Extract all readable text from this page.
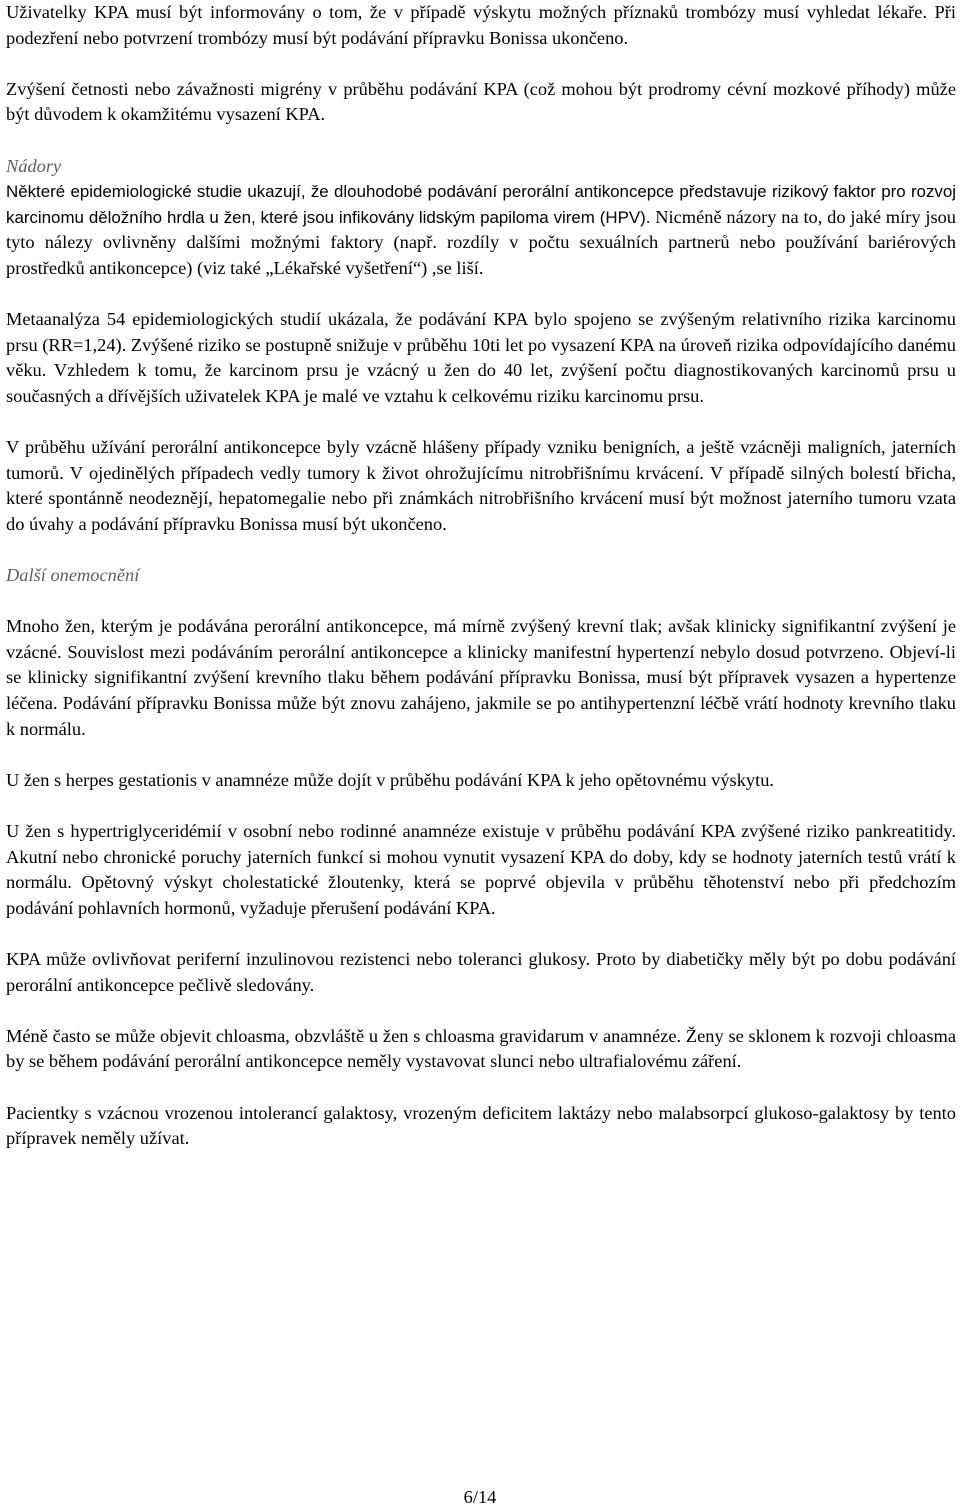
Uživatelky KPA musí být informovány o tom, že v případě výskytu možných příznaků trombózy musí vyhledat lékaře. Při podezření nebo potvrzení trombózy musí být podávání přípravku Bonissa ukončeno.

Zvýšení četnosti nebo závažnosti migrény v průběhu podávání KPA (což mohou být prodromy cévní mozkové příhody) může být důvodem k okamžitému vysazení KPA.

Nádory

Některé epidemiologické studie ukazují, že dlouhodobé podávání perorální antikoncepce představuje rizikový faktor pro rozvoj karcinomu děložního hrdla u žen, které jsou infikovány lidským papiloma virem (HPV). Nicméně názory na to, do jaké míry jsou tyto nálezy ovlivněny dalšími možnými faktory (např. rozdíly v počtu sexuálních partnerů nebo používání bariérových prostředků antikoncepce) (viz také „Lékařské vyšetření“) ,se liší.

Metaanalýza 54 epidemiologických studií ukázala, že podávání KPA bylo spojeno se zvýšeným relativního rizika karcinomu prsu (RR=1,24). Zvýšené riziko se postupně snižuje v průběhu 10ti let po vysazení KPA na úroveň rizika odpovídajícího danému věku. Vzhledem k tomu, že karcinom prsu je vzácný u žen do 40 let, zvýšení počtu diagnostikovaných karcinomů prsu u současných a dřívějších uživatelek KPA je malé ve vztahu k celkovému riziku karcinomu prsu.

V průběhu užívání perorální antikoncepce byly vzácně hlášeny případy vzniku benigních, a ještě vzácněji maligních, jaterních tumorů. V ojedinělých případech vedly tumory k život ohrožujícímu nitrobřišnímu krvácení. V případě silných bolestí břicha, které spontánně neodeznějí, hepatomegalie nebo při známkách nitrobřišního krvácení musí být možnost jaterního tumoru vzata do úvahy a podávání přípravku Bonissa musí být ukončeno.

Další onemocnění

Mnoho žen, kterým je podávána perorální antikoncepce, má mírně zvýšený krevní tlak; avšak klinicky signifikantní zvýšení je vzácné. Souvislost mezi podáváním perorální antikoncepce a klinicky manifestní hypertenzí nebylo dosud potvrzeno. Objeví-li se klinicky signifikantní zvýšení krevního tlaku během podávání přípravku Bonissa, musí být přípravek vysazen a hypertenze léčena. Podávání přípravku Bonissa může být znovu zahájeno, jakmile se po antihypertenzní léčbě vrátí hodnoty krevního tlaku k normálu.

U žen s herpes gestationis v anamnéze může dojít v průběhu podávání KPA k jeho opětovnému výskytu.

U žen s hypertriglyceridémií v osobní nebo rodinné anamnéze existuje v průběhu podávání KPA zvýšené riziko pankreatitidy. Akutní nebo chronické poruchy jaterních funkcí si mohou vynutit vysazení KPA do doby, kdy se hodnoty jaterních testů vrátí k normálu. Opětovný výskyt cholestatické žloutenky, která se poprvé objevila v průběhu těhotenství nebo při předchozím podávání pohlavních hormonů, vyžaduje přerušení podávání KPA.

KPA může ovlivňovat periferní inzulinovou rezistenci nebo toleranci glukosy. Proto by diabetičky měly být po dobu podávání perorální antikoncepce pečlivě sledovány.

Méně často se může objevit chloasma, obzvláště u žen s chloasma gravidarum v anamnéze. Ženy se sklonem k rozvoji chloasma by se během podávání perorální antikoncepce neměly vystavovat slunci nebo ultrafialovému záření.

Pacientky s vzácnou vrozenou intolerancí galaktosy, vrozeným deficitem laktázy nebo malabsorpcí glukoso-galaktosy by tento přípravek neměly užívat.

6/14
